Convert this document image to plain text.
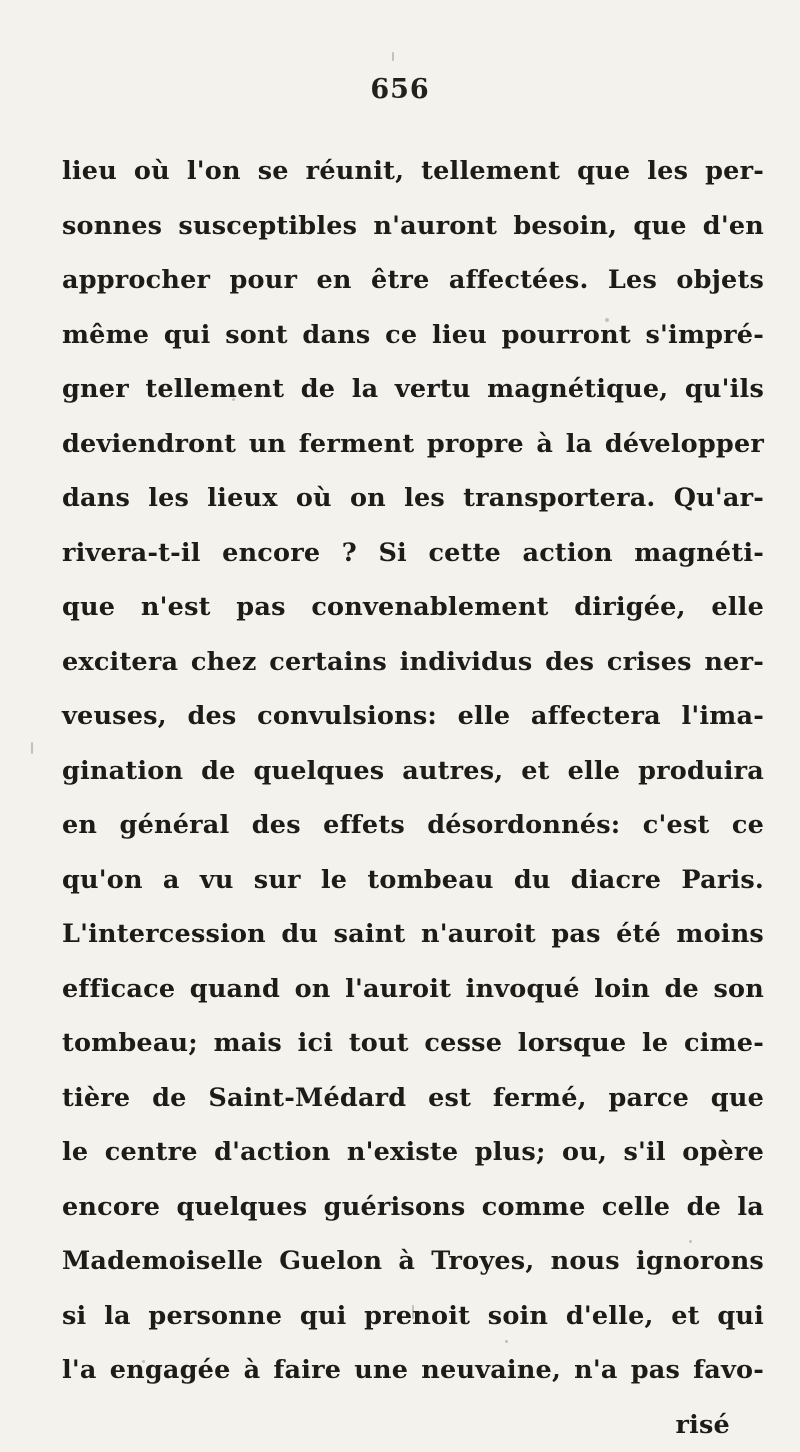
656
lieu où l'on se réunit, tellement que les per-
sonnes susceptibles n'auront besoin, que d'en
approcher pour en être affectées. Les objets
même qui sont dans ce lieu pourront s'impré-
gner tellement de la vertu magnétique, qu'ils
deviendront un ferment propre à la développer
dans les lieux où on les transportera. Qu'ar-
rivera-t-il encore ? Si cette action magnéti-
que n'est pas convenablement dirigée, elle
excitera chez certains individus des crises ner-
veuses, des convulsions: elle affectera l'ima-
gination de quelques autres, et elle produira
en général des effets désordonnés: c'est ce
qu'on a vu sur le tombeau du diacre Paris.
L'intercession du saint n'auroit pas été moins
efficace quand on l'auroit invoqué loin de son
tombeau; mais ici tout cesse lorsque le cime-
tière de Saint-Médard est fermé, parce que
le centre d'action n'existe plus; ou, s'il opère
encore quelques guérisons comme celle de la
Mademoiselle Guelon à Troyes, nous ignorons
si la personne qui prenoit soin d'elle, et qui
l'a engagée à faire une neuvaine, n'a pas favo-
risé
